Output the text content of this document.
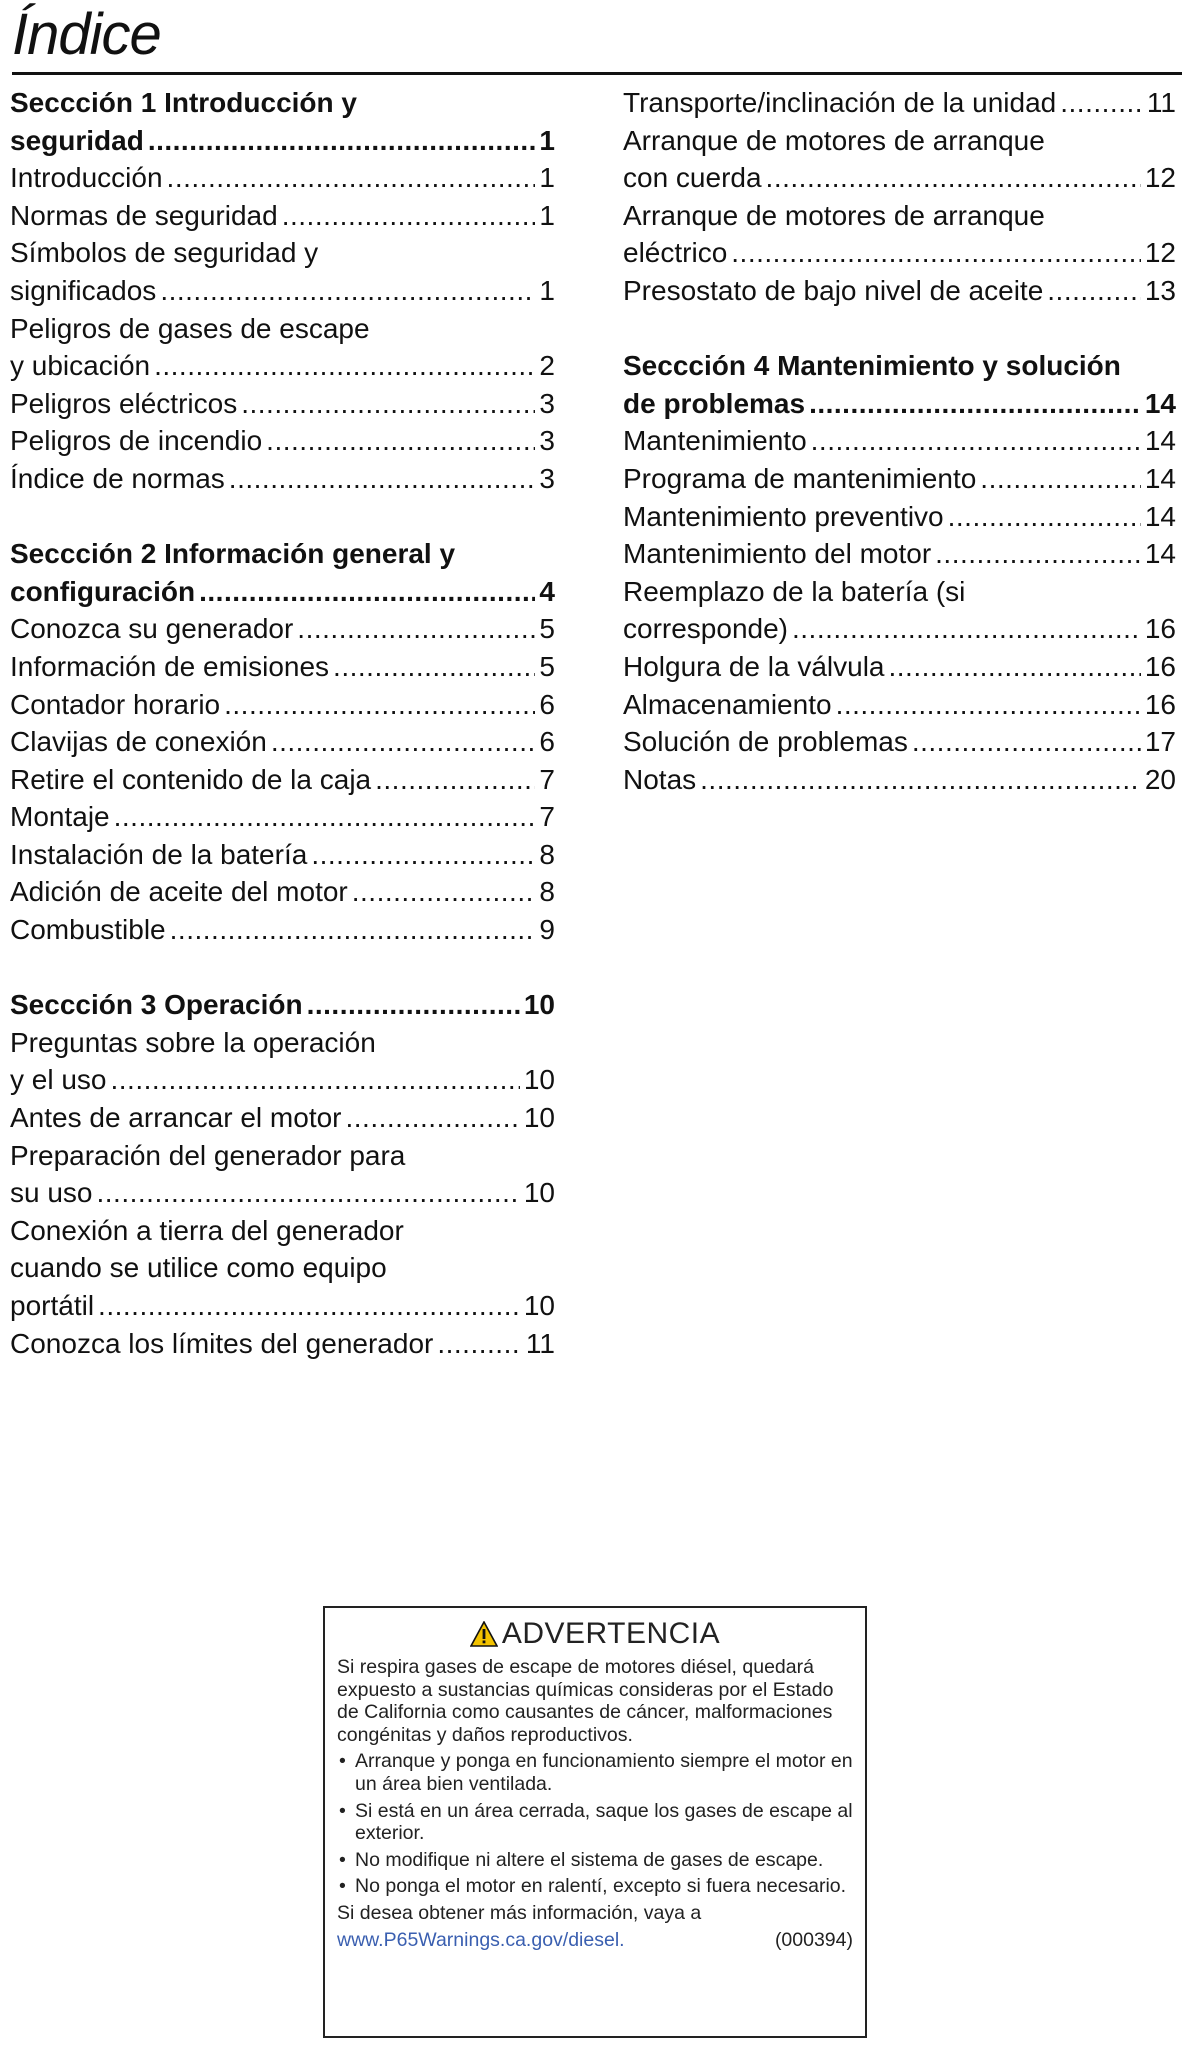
Índice
Seccción 1 Introducción y
seguridad .....	1
Introducción .....	1
Normas de seguridad .....	1
Símbolos de seguridad y
significados .....	1
Peligros de gases de escape
y ubicación .....	2
Peligros eléctricos .....	3
Peligros de incendio .....	3
Índice de normas .....	3
Seccción 2 Información general y
configuración .....	4
Conozca su generador .....	5
Información de emisiones .....	5
Contador horario .....	6
Clavijas de conexión .....	6
Retire el contenido de la caja .....	7
Montaje .....	7
Instalación de la batería .....	8
Adición de aceite del motor .....	8
Combustible .....	9
Seccción 3 Operación .....	10
Preguntas sobre la operación
y el uso .....	10
Antes de arrancar el motor .....	10
Preparación del generador para
su uso .....	10
Conexión a tierra del generador
cuando se utilice como equipo
portátil .....	10
Conozca los límites del generador .....	11
Transporte/inclinación de la unidad .....	11
Arranque de motores de arranque
con cuerda .....	12
Arranque de motores de arranque
eléctrico .....	12
Presostato de bajo nivel de aceite .....	13
Seccción 4 Mantenimiento y solución
de problemas .....	14
Mantenimiento .....	14
Programa de mantenimiento .....	14
Mantenimiento preventivo .....	14
Mantenimiento del motor .....	14
Reemplazo de la batería (si
corresponde) .....	16
Holgura de la válvula .....	16
Almacenamiento .....	16
Solución de problemas .....	17
Notas .....	20
ADVERTENCIA

Si respira gases de escape de motores diésel, quedará expuesto a sustancias químicas consideras por el Estado de California como causantes de cáncer, malformaciones congénitas y daños reproductivos.

• Arranque y ponga en funcionamiento siempre el motor en un área bien ventilada.
• Si está en un área cerrada, saque los gases de escape al exterior.
• No modifique ni altere el sistema de gases de escape.
• No ponga el motor en ralentí, excepto si fuera necesario.
Si desea obtener más información, vaya a
www.P65Warnings.ca.gov/diesel.	(000394)
